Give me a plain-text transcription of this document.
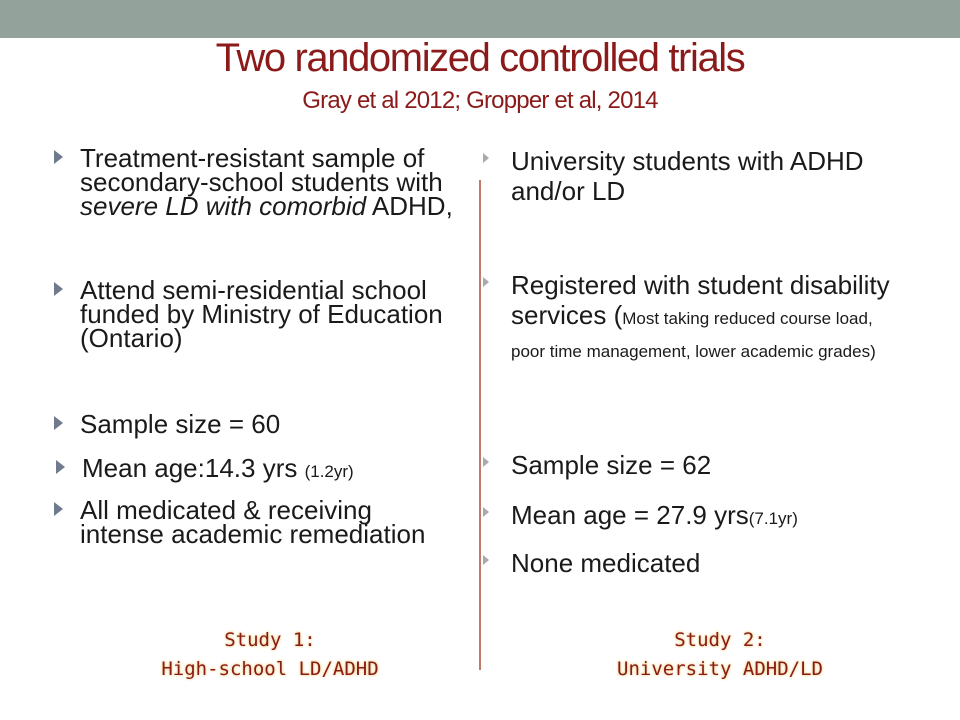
Two randomized controlled trials
Gray et al 2012; Gropper et al, 2014
Treatment-resistant sample of secondary-school students with severe LD with comorbid ADHD,
Attend semi-residential school funded by Ministry of Education (Ontario)
Sample size = 60
Mean age:14.3 yrs (1.2yr)
All medicated & receiving intense academic remediation
University students with ADHD and/or LD
Registered with student disability services (Most taking reduced course load, poor time management, lower academic grades)
Sample size = 62
Mean age = 27.9 yrs(7.1yr)
None medicated
Study 1:
High-school LD/ADHD
Study 2:
University ADHD/LD
